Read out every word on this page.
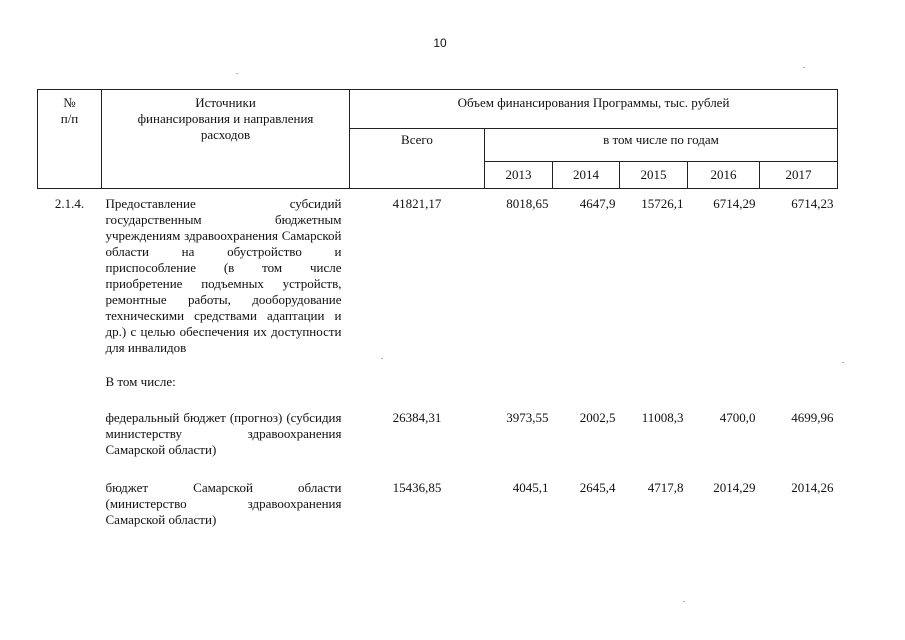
10
№
п/п	Источники
финансирования и направления
расходов	Объем финансирования Программы, тыс. рублей					
		Всего	в том числе по годам				
			2013	2014	2015	2016	2017
2.1.4.	Предоставление субсидий государственным бюджетным учреждениям здравоохранения Самарской области на обустройство и приспособление (в том числе приобретение подъемных устройств, ремонтные работы, дооборудование техническими средствами адаптации и др.) с целью обеспечения их доступности для инвалидов	41821,17	8018,65	4647,9	15726,1	6714,29	6714,23
	В том числе:						
	федеральный бюджет (прогноз) (субсидия министерству здравоохранения Самарской области)	26384,31	3973,55	2002,5	11008,3	4700,0	4699,96
	бюджет Самарской области (министерство здравоохранения Самарской области)	15436,85	4045,1	2645,4	4717,8	2014,29	2014,26
